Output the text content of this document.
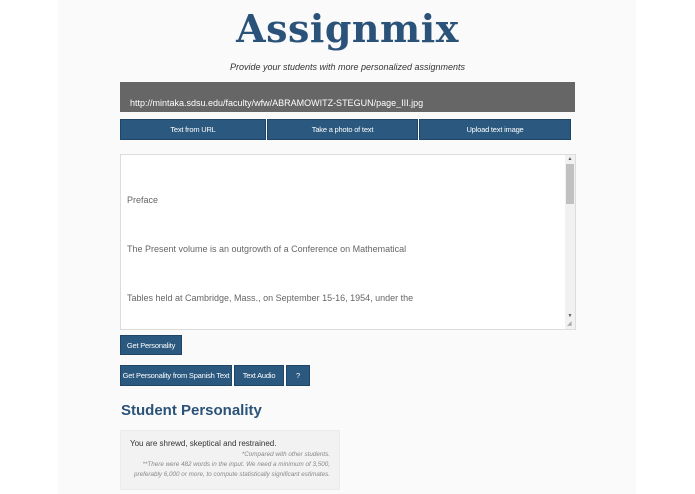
Assignmix
Provide your students with more personalized assignments
http://mintaka.sdsu.edu/faculty/wfw/ABRAMOWITZ-STEGUN/page_III.jpg
Text from URL	Take a photo of text	Upload text image

Preface

The Present volume is an outgrowth of a Conference on Mathematical

Tables held at Cambridge, Mass., on September 15-16, 1954, under the

▲
▼
◢
Get Personality
Get Personality from Spanish Text	Text Audio	?
Student Personality
You are shrewd, skeptical and restrained.
*Compared with other students.
**There were 482 words in the input. We need a minimum of 3,500,
preferably 6,000 or more, to compute statistically significant estimates.
